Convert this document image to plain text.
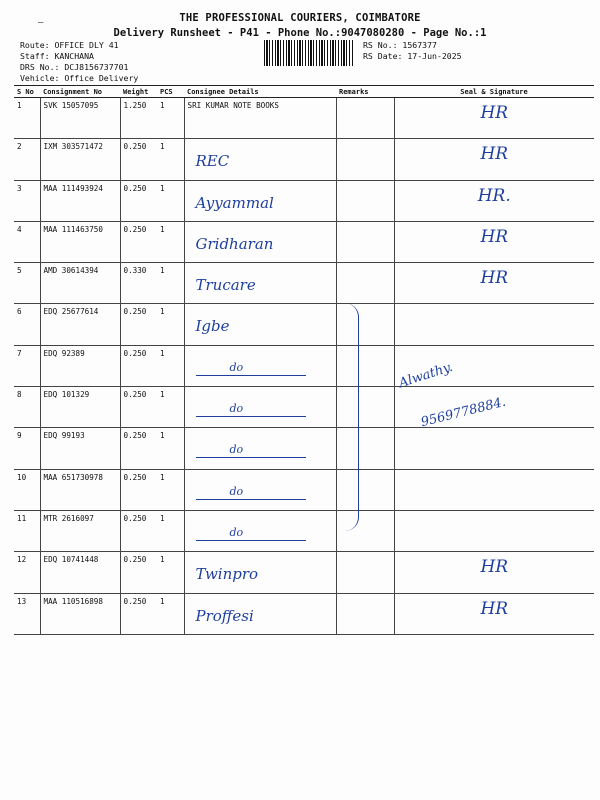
–	THE PROFESSIONAL COURIERS, COIMBATORE
Delivery Runsheet - P41 - Phone No.:9047080280 - Page No.:1
Route: OFFICE DLY 41
Staff: KANCHANA
DRS No.: DCJ8156737701
Vehicle: Office Delivery
RS No.: 1567377
RS Date: 17-Jun-2025
S No	Consignment No	Weight	PCS	Consignee Details	Remarks	Seal & Signature
1	SVK 15057095	1.250	1	SRI KUMAR NOTE BOOKS		HR

2	IXM 303571472	0.250	1	REC		HR

3	MAA 111493924	0.250	1	Ayyammal		HR.

4	MAA 111463750	0.250	1	Gridharan		HR

5	AMD 30614394	0.330	1	Trucare		HR

6	EDQ 25677614	0.250	1	Igbe		

7	EDQ 92389	0.250	1	do		

8	EDQ 101329	0.250	1	do		

9	EDQ 99193	0.250	1	do		

10	MAA 651730978	0.250	1	do		

11	MTR 2616097	0.250	1	do		

12	EDQ 10741448	0.250	1	Twinpro		HR

13	MAA 110516898	0.250	1	Proffesi		HR
Alwathy.
9569778884.
